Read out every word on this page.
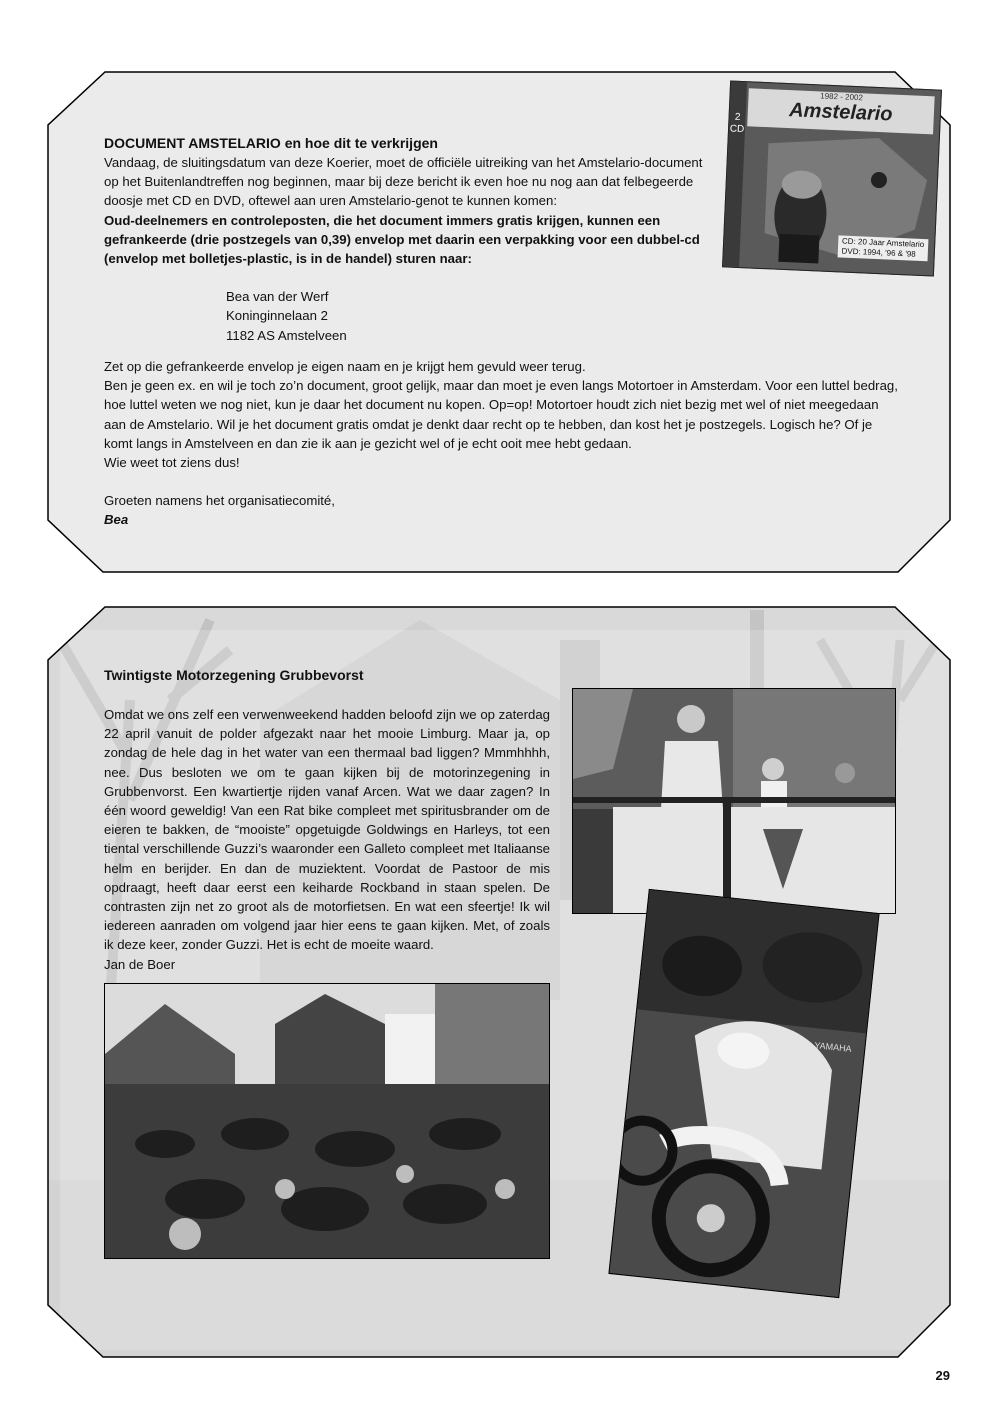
2
CD
1982 - 2002
Amstelario
CD: 20 Jaar Amstelario
DVD: 1994, '96 & '98

DOCUMENT AMSTELARIO en hoe dit te verkrijgen

Vandaag, de sluitingsdatum van deze Koerier, moet de officiële uitreiking van het Amstelario-document op het Buitenlandtreffen nog beginnen, maar bij deze bericht ik even hoe nu nog aan dat felbegeerde doosje met CD en DVD, oftewel aan uren Amstelario-genot te kunnen komen:

Oud-deelnemers en controleposten, die het document immers gratis krijgen, kunnen een gefrankeerde (drie postzegels van 0,39) envelop met daarin een verpakking voor een dubbel-cd (envelop met bolletjes-plastic, is in de handel) sturen naar:

Bea van der Werf

Koninginnelaan 2

1182 AS Amstelveen

Zet op die gefrankeerde envelop je eigen naam en je krijgt hem gevuld weer terug.

Ben je geen ex. en wil je toch zo’n document, groot gelijk, maar dan moet je even langs Motortoer in Amsterdam. Voor een luttel bedrag, hoe luttel weten we nog niet, kun je daar het document nu kopen. Op=op! Motortoer houdt zich niet bezig met wel of niet meegedaan aan de Amstelario. Wil je het document gratis omdat je denkt daar recht op te hebben, dan kost het je postzegels. Logisch he? Of je komt langs in Amstelveen en dan zie ik aan je gezicht wel of je echt ooit mee hebt gedaan.

Wie weet tot ziens dus!

Groeten namens het organisatiecomité,

Bea

Twintigste Motorzegening Grubbevorst

Omdat we ons zelf een verwenweekend hadden beloofd zijn we op zaterdag 22 april vanuit de polder afgezakt naar het mooie Limburg. Maar ja, op zondag de hele dag in het water van een thermaal bad liggen? Mmmhhhh, nee. Dus besloten we om te gaan kijken bij de motorinzegening in Grubbenvorst. Een kwartiertje rijden vanaf Arcen. Wat we daar zagen? In één woord geweldig! Van een Rat bike compleet met spiritusbrander om de eieren te bakken, de “mooiste” opgetuigde Goldwings en Harleys, tot een tiental verschillende Guzzi’s waaronder een Galleto compleet met Italiaanse helm en berijder. En dan de muziektent. Voordat de Pastoor de mis opdraagt, heeft daar eerst een keiharde Rockband in staan spelen. De contrasten zijn net zo groot als de motorfietsen. En wat een sfeertje! Ik wil iedereen aanraden om volgend jaar hier eens te gaan kijken. Met, of zoals ik deze keer, zonder Guzzi. Het is echt de moeite waard.

Jan de Boer

YAMAHA
29
